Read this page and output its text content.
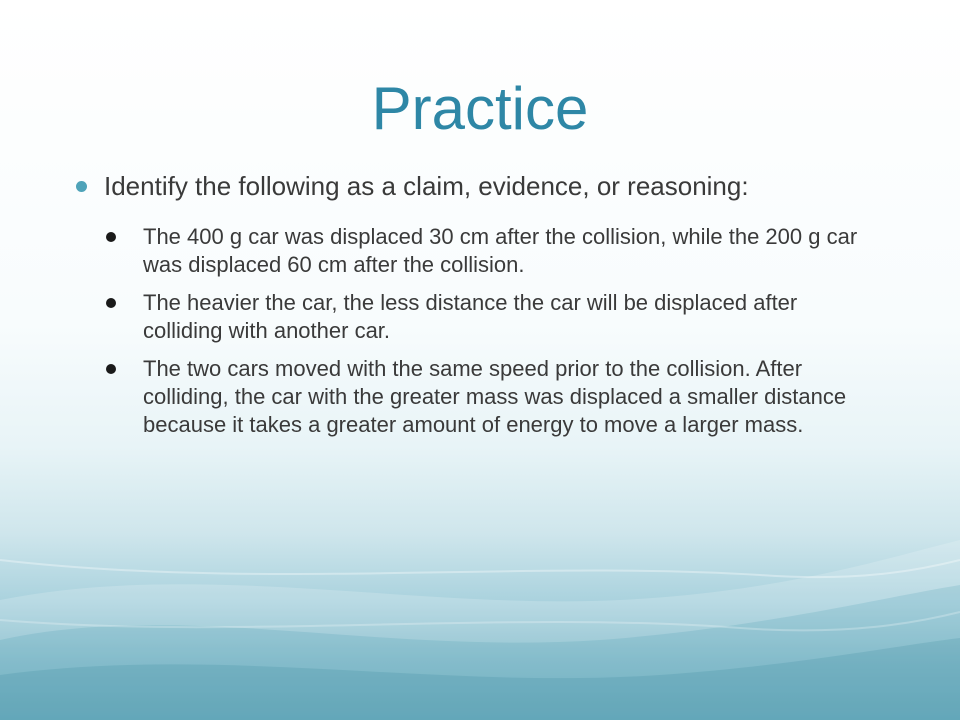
Practice
Identify the following as a claim, evidence, or reasoning:
The 400 g car was displaced 30 cm after the collision, while the 200 g car was displaced 60 cm after the collision.
The heavier the car, the less distance the car will be displaced after colliding with another car.
The two cars moved with the same speed prior to the collision. After colliding, the car with the greater mass was displaced a smaller distance because it takes a greater amount of energy to move a larger mass.
